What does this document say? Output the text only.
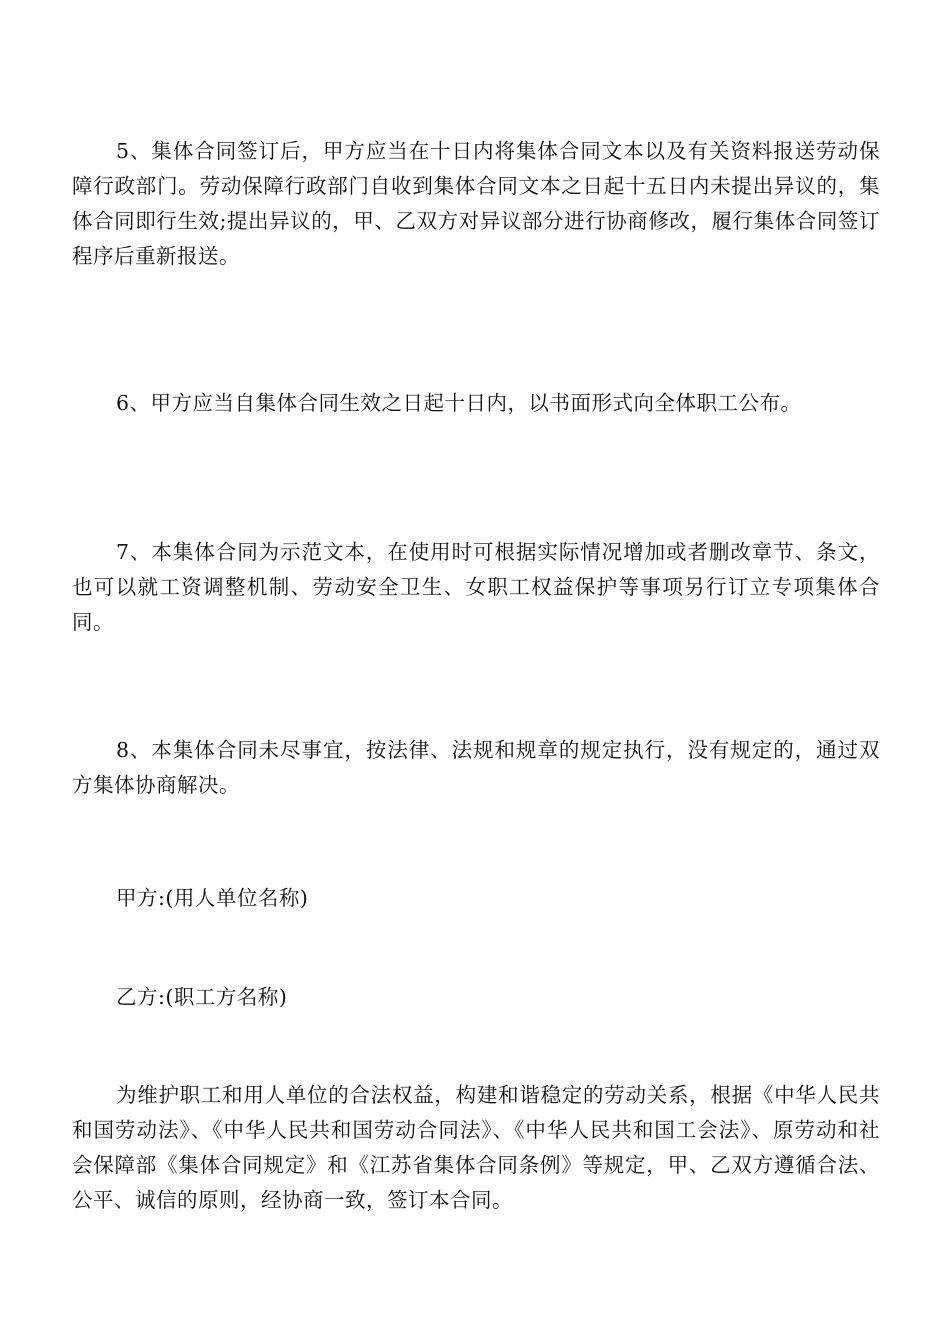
5、集体合同签订后，甲方应当在十日内将集体合同文本以及有关资料报送劳动保障行政部门。劳动保障行政部门自收到集体合同文本之日起十五日内未提出异议的，集体合同即行生效;提出异议的，甲、乙双方对异议部分进行协商修改，履行集体合同签订程序后重新报送。

6、甲方应当自集体合同生效之日起十日内，以书面形式向全体职工公布。

7、本集体合同为示范文本，在使用时可根据实际情况增加或者删改章节、条文，也可以就工资调整机制、劳动安全卫生、女职工权益保护等事项另行订立专项集体合同。

8、本集体合同未尽事宜，按法律、法规和规章的规定执行，没有规定的，通过双方集体协商解决。

甲方:(用人单位名称)

乙方:(职工方名称)

为维护职工和用人单位的合法权益，构建和谐稳定的劳动关系，根据《中华人民共和国劳动法》、《中华人民共和国劳动合同法》、《中华人民共和国工会法》、原劳动和社会保障部《集体合同规定》和《江苏省集体合同条例》等规定，甲、乙双方遵循合法、公平、诚信的原则，经协商一致，签订本合同。
